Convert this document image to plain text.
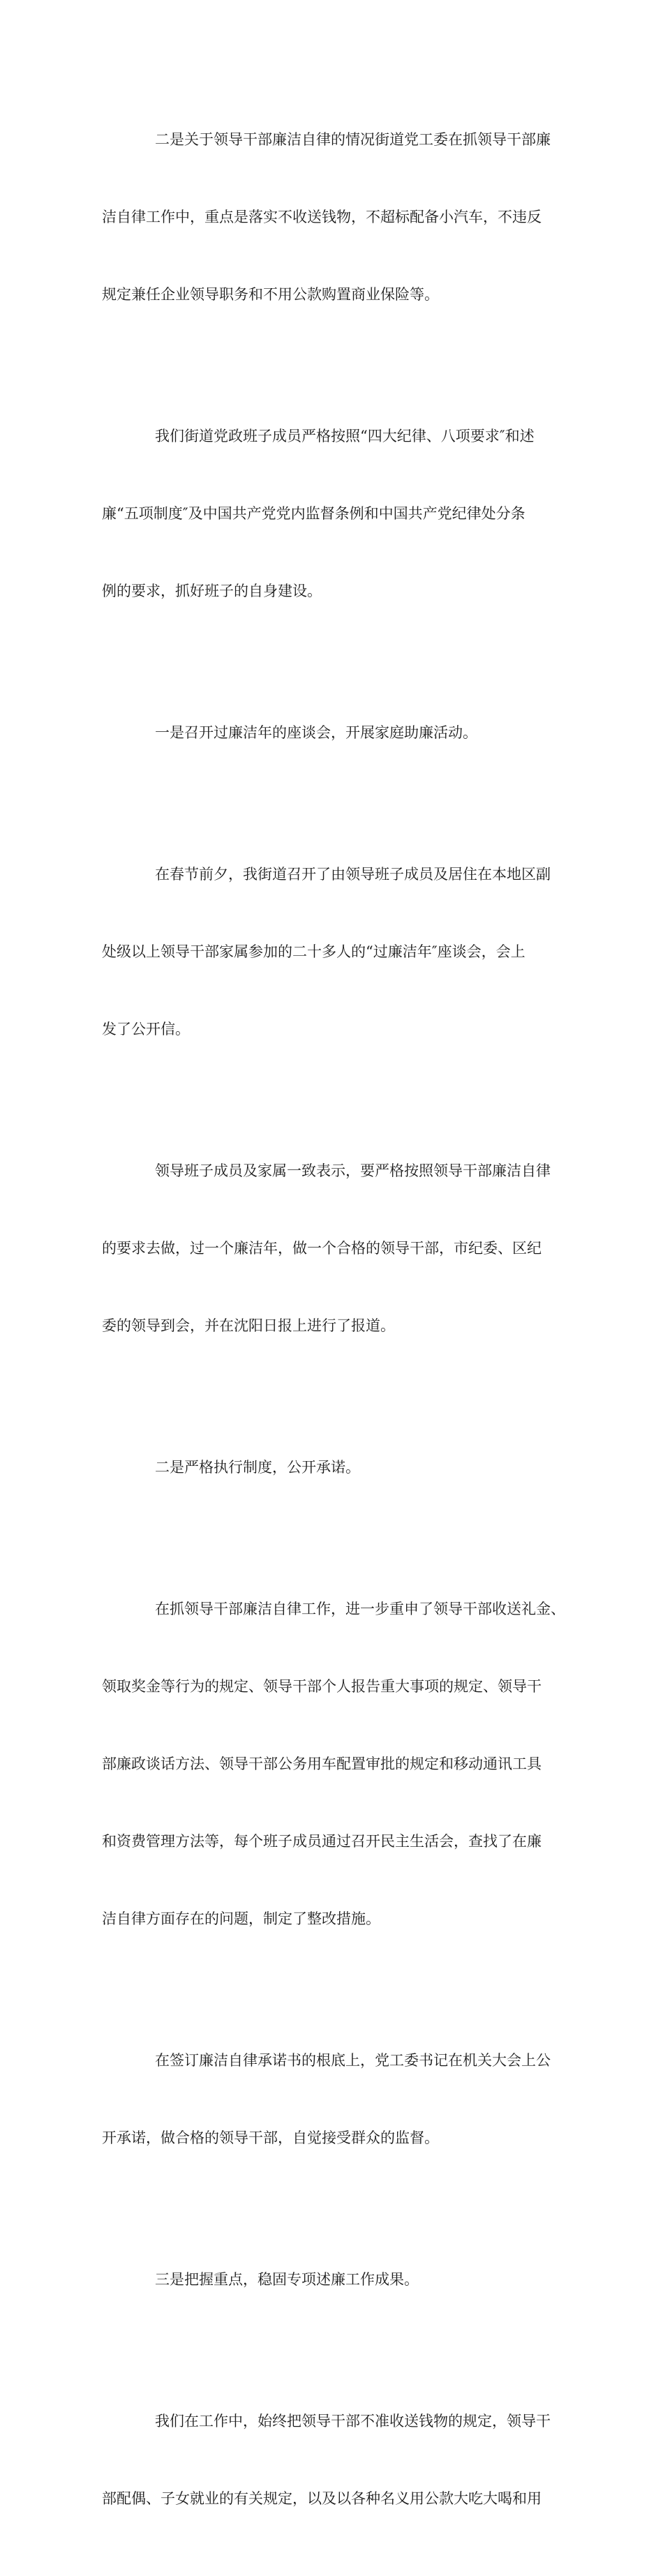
二是关于领导干部廉洁自律的情况街道党工委在抓领导干部廉

洁自律工作中，重点是落实不收送钱物，不超标配备小汽车，不违反

规定兼任企业领导职务和不用公款购置商业保险等。

我们街道党政班子成员严格按照“四大纪律、八项要求″和述

廉“五项制度″及中国共产党党内监督条例和中国共产党纪律处分条

例的要求，抓好班子的自身建设。

一是召开过廉洁年的座谈会，开展家庭助廉活动。

在春节前夕，我街道召开了由领导班子成员及居住在本地区副

处级以上领导干部家属参加的二十多人的“过廉洁年″座谈会，会上

发了公开信。

领导班子成员及家属一致表示，要严格按照领导干部廉洁自律

的要求去做，过一个廉洁年，做一个合格的领导干部，市纪委、区纪

委的领导到会，并在沈阳日报上进行了报道。

二是严格执行制度，公开承诺。

在抓领导干部廉洁自律工作，进一步重申了领导干部收送礼金、

领取奖金等行为的规定、领导干部个人报告重大事项的规定、领导干

部廉政谈话方法、领导干部公务用车配置审批的规定和移动通讯工具

和资费管理方法等，每个班子成员通过召开民主生活会，查找了在廉

洁自律方面存在的问题，制定了整改措施。

在签订廉洁自律承诺书的根底上，党工委书记在机关大会上公

开承诺，做合格的领导干部，自觉接受群众的监督。

三是把握重点，稳固专项述廉工作成果。

我们在工作中，始终把领导干部不准收送钱物的规定，领导干

部配偶、子女就业的有关规定，以及以各种名义用公款大吃大喝和用
